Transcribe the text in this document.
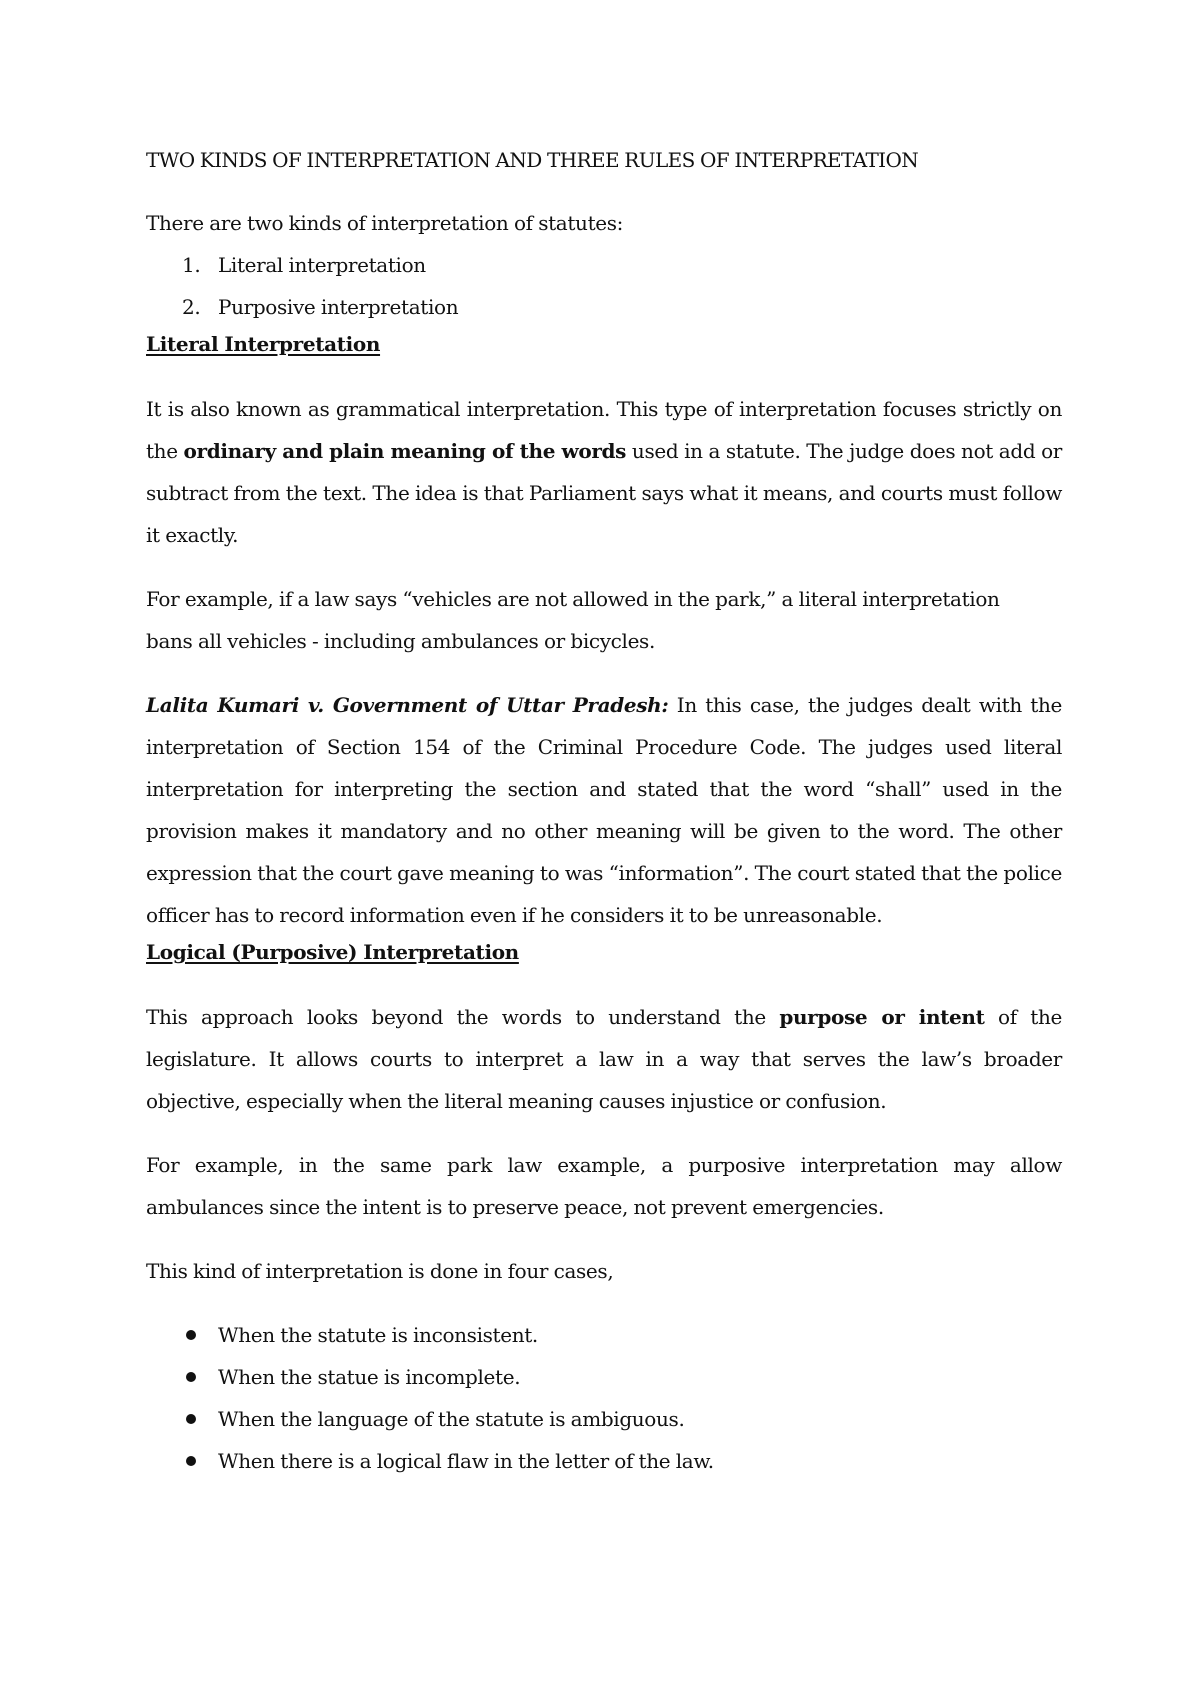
TWO KINDS OF INTERPRETATION AND THREE RULES OF INTERPRETATION

There are two kinds of interpretation of statutes:

1. Literal interpretation
2. Purposive interpretation
Literal Interpretation

It is also known as grammatical interpretation. This type of interpretation focuses strictly on the ordinary and plain meaning of the words used in a statute. The judge does not add or subtract from the text. The idea is that Parliament says what it means, and courts must follow it exactly.

For example, if a law says “vehicles are not allowed in the park,” a literal interpretation
bans all vehicles - including ambulances or bicycles.

Lalita Kumari v. Government of Uttar Pradesh: In this case, the judges dealt with the interpretation of Section 154 of the Criminal Procedure Code. The judges used literal interpretation for interpreting the section and stated that the word “shall” used in the provision makes it mandatory and no other meaning will be given to the word. The other expression that the court gave meaning to was “information”. The court stated that the police officer has to record information even if he considers it to be unreasonable.

Logical (Purposive) Interpretation

This approach looks beyond the words to understand the purpose or intent of the legislature. It allows courts to interpret a law in a way that serves the law’s broader objective, especially when the literal meaning causes injustice or confusion.

For example, in the same park law example, a purposive interpretation may allow ambulances since the intent is to preserve peace, not prevent emergencies.

This kind of interpretation is done in four cases,

When the statute is inconsistent.
When the statue is incomplete.
When the language of the statute is ambiguous.
When there is a logical flaw in the letter of the law.
